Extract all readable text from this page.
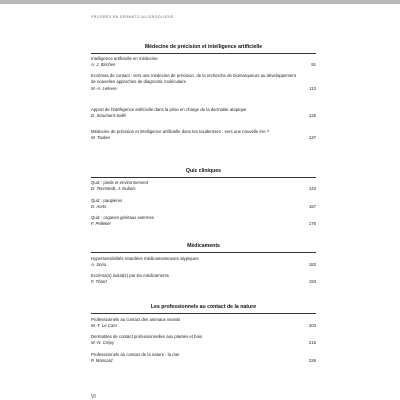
PROGRÈS EN DERMATO-ALLERGOLOGIE
Médecine de précision et intelligence artificielle
Intelligence artificielle en médecine
A. J. Birchen	91
Eczémas de contact : vers une médecine de précision, de la recherche de biomarqueurs au développement de nouvelles approches de diagnostic moléculaire
M.-A. Lefevre	113
Apport de l'intelligence artificielle dans la prise en charge de la dermatite atopique
D. Staumont-Sallé	125
Médecine de précision et intelligence artificielle dans les toxidermies : vers une nouvelle ère ?
M. Tauber	137
Quiz cliniques
Quiz : pieds et environnement
D. Tennstedt, J. Dubois	143
Quiz : paupières
D. Aerts	157
Quiz : organes génitaux externes
F. Pelletier	176
Médicaments
Hypersensibilités retardées médicamenteuses atypiques
A. Soria	183
Eczéma(s) induit(s) par les médicaments
F. Tétart	193
Les professionnels au contact de la nature
Professionnels au contact des animaux vivants
M.-T. Le Cam	203
Dermatites de contact professionnelles aux plantes et bois
M.-N. Crépy	215
Professionnels au contact de la nature : la mer
P. Mansard	226
VI
